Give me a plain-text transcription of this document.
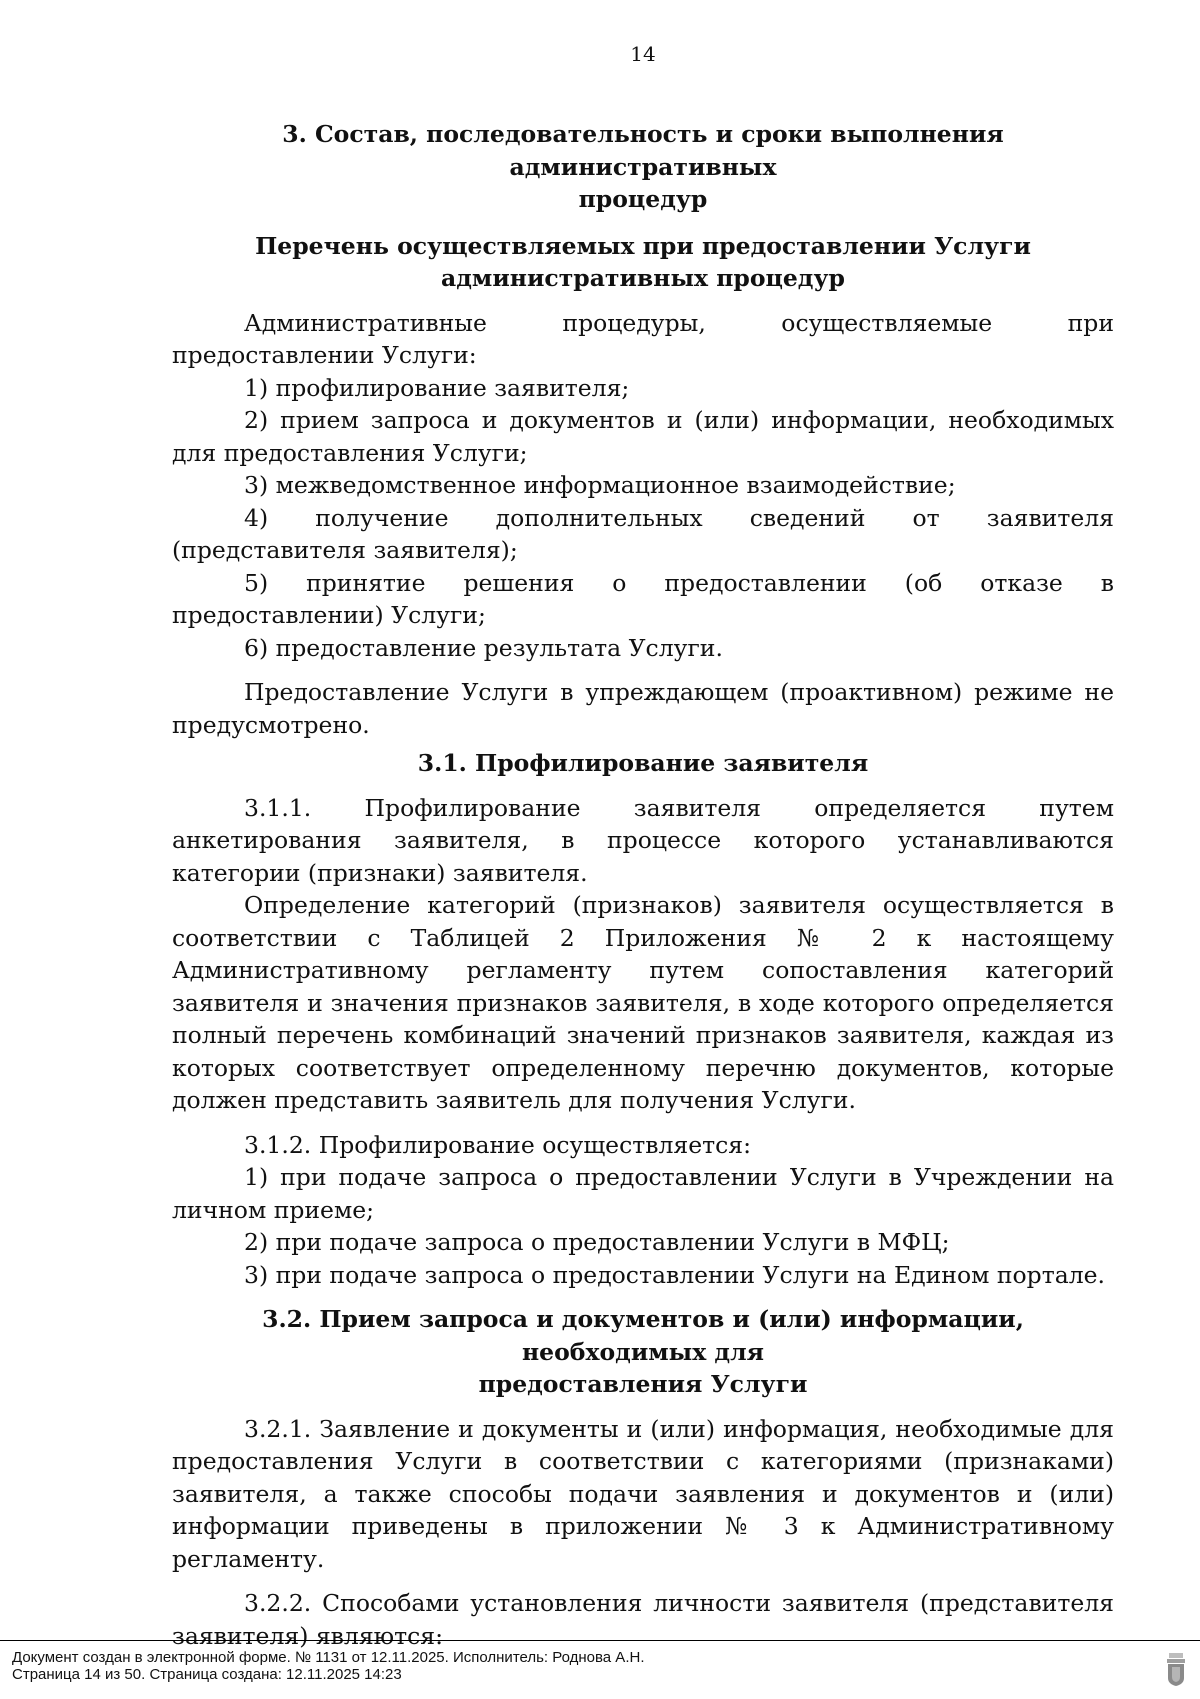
14
3. Состав, последовательность и сроки выполнения административных
процедур
Перечень осуществляемых при предоставлении Услуги
административных процедур

Административные процедуры, осуществляемые при предоставлении Услуги:

1) профилирование заявителя;

2) прием запроса и документов и (или) информации, необходимых для предоставления Услуги;

3) межведомственное информационное взаимодействие;

4) получение дополнительных сведений от заявителя (представителя заявителя);

5) принятие решения о предоставлении (об отказе в предоставлении) Услуги;

6) предоставление результата Услуги.

Предоставление Услуги в упреждающем (проактивном) режиме не предусмотрено.

3.1. Профилирование заявителя

3.1.1. Профилирование заявителя определяется путем анкетирования заявителя, в процессе которого устанавливаются категории (признаки) заявителя.

Определение категорий (признаков) заявителя осуществляется в соответствии с Таблицей 2 Приложения № 2 к настоящему Административному регламенту путем сопоставления категорий заявителя и значения признаков заявителя, в ходе которого определяется полный перечень комбинаций значений признаков заявителя, каждая из которых соответствует определенному перечню документов, которые должен представить заявитель для получения Услуги.

3.1.2. Профилирование осуществляется:

1) при подаче запроса о предоставлении Услуги в Учреждении на личном приеме;

2) при подаче запроса о предоставлении Услуги в МФЦ;

3) при подаче запроса о предоставлении Услуги на Едином портале.

3.2. Прием запроса и документов и (или) информации, необходимых для
предоставления Услуги

3.2.1. Заявление и документы и (или) информация, необходимые для предоставления Услуги в соответствии с категориями (признаками) заявителя, а также способы подачи заявления и документов и (или) информации приведены в приложении № 3 к Административному регламенту.

3.2.2. Способами установления личности заявителя (представителя заявителя) являются:

Документ создан в электронной форме. № 1131 от 12.11.2025. Исполнитель: Роднова А.Н.
Страница 14 из 50. Страница создана: 12.11.2025 14:23
